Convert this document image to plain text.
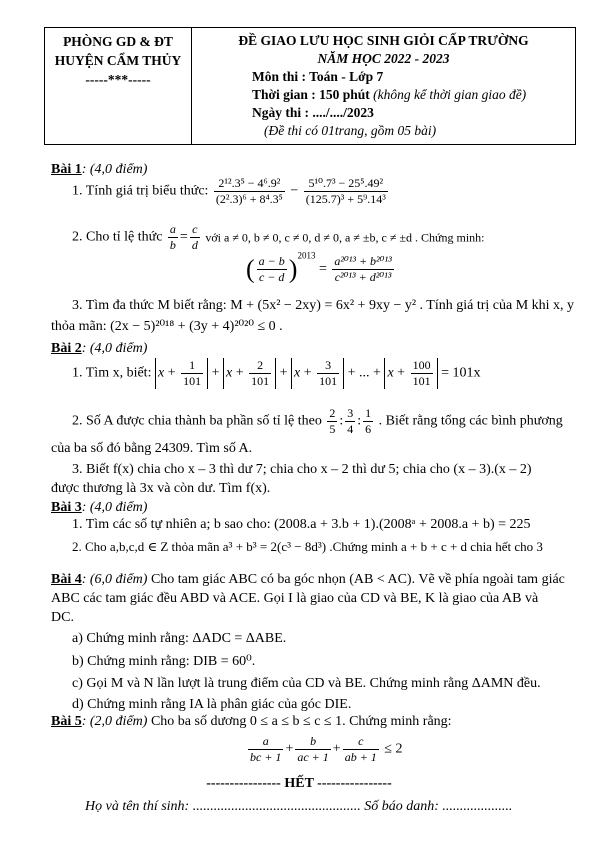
PHÒNG GD & ĐT
HUYỆN CẨM THỦY
-----***-----

ĐỀ GIAO LƯU HỌC SINH GIỎI CẤP TRƯỜNG
NĂM HỌC 2022 - 2023
Môn thi : Toán - Lớp 7
Thời gian : 150 phút (không kể thời gian giao đề)
Ngày thi : ..../..../2023
(Đề thi có 01trang, gồm 05 bài)
Bài 1: (4,0 điểm)
1. Tính giá trị biểu thức: $\frac{\text{2¹².3⁵ − 4⁶.9²}}{\text{(2².3)⁶ + 8⁴.3⁵}} - \frac{\text{5¹⁰.7³ − 25⁵.49²}}{\text{(125.7)³ + 5⁹.14³}}$
2. Cho tỉ lệ thức $\frac{a}{b} = \frac{c}{d}$ với a ≠ 0, b ≠ 0, c ≠ 0, d ≠ 0, a ≠ ±b, c ≠ ±d . Chứng minh:
( $\frac{a - b}{c - d} )^{2013} = \frac{\text{a²⁰¹³ + b²⁰¹³}}{\text{c²⁰¹³ + d²⁰¹³}}$
3. Tìm đa thức M biết rằng: M + (5x² − 2xy) = 6x² + 9xy − y² . Tính giá trị của M khi x, y
thỏa mãn: (2x − 5)²⁰¹⁸ + (3y + 4)²⁰²⁰ ≤ 0 .
Bài 2: (4,0 điểm)
1. Tìm x, biết: $x + \frac{1}{101} + x + \frac{2}{101} + x + \frac{3}{101}$ + ... + $x + \frac{100}{101} = 101x$
2. Số A được chia thành ba phần số tỉ lệ theo $\frac{2}{5}$ : $\frac{3}{4}$ : $\frac{1}{6}$ . Biết rằng tổng các bình phương
của ba số đó bằng 24309. Tìm số A.
3. Biết f(x) chia cho x – 3 thì dư 7; chia cho x – 2 thì dư 5; chia cho (x – 3).(x – 2)
được thương là 3x và còn dư. Tìm f(x).
Bài 3: (4,0 điểm)
1. Tìm các số tự nhiên a; b sao cho: (2008.a + 3.b + 1).(2008ᵃ + 2008.a + b) = 225
2. Cho a,b,c,d ∈ Z thỏa mãn a³ + b³ = 2(c³ − 8d³) .Chứng minh a + b + c + d chia hết cho 3
Bài 4: (6,0 điểm) Cho tam giác ABC có ba góc nhọn (AB < AC). Vẽ về phía ngoài tam giác
ABC các tam giác đều ABD và ACE. Gọi I là giao của CD và BE, K là giao của AB và
DC.
a) Chứng minh rằng: ΔADC = ΔABE.
b) Chứng minh rằng: DIB = 60⁰.
c) Gọi M và N lần lượt là trung điểm của CD và BE. Chứng minh rằng ΔAMN đều.
d) Chứng minh rằng IA là phân giác của góc DIE.
Bài 5: (2,0 điểm) Cho ba số dương 0 ≤ a ≤ b ≤ c ≤ 1. Chứng minh rằng:
$\frac{a}{bc + 1} + \frac{b}{ac + 1} + \frac{c}{ab + 1} \le 2$
---------------- HẾT ----------------
Họ và tên thí sinh: ................................................ Số báo danh: ....................
